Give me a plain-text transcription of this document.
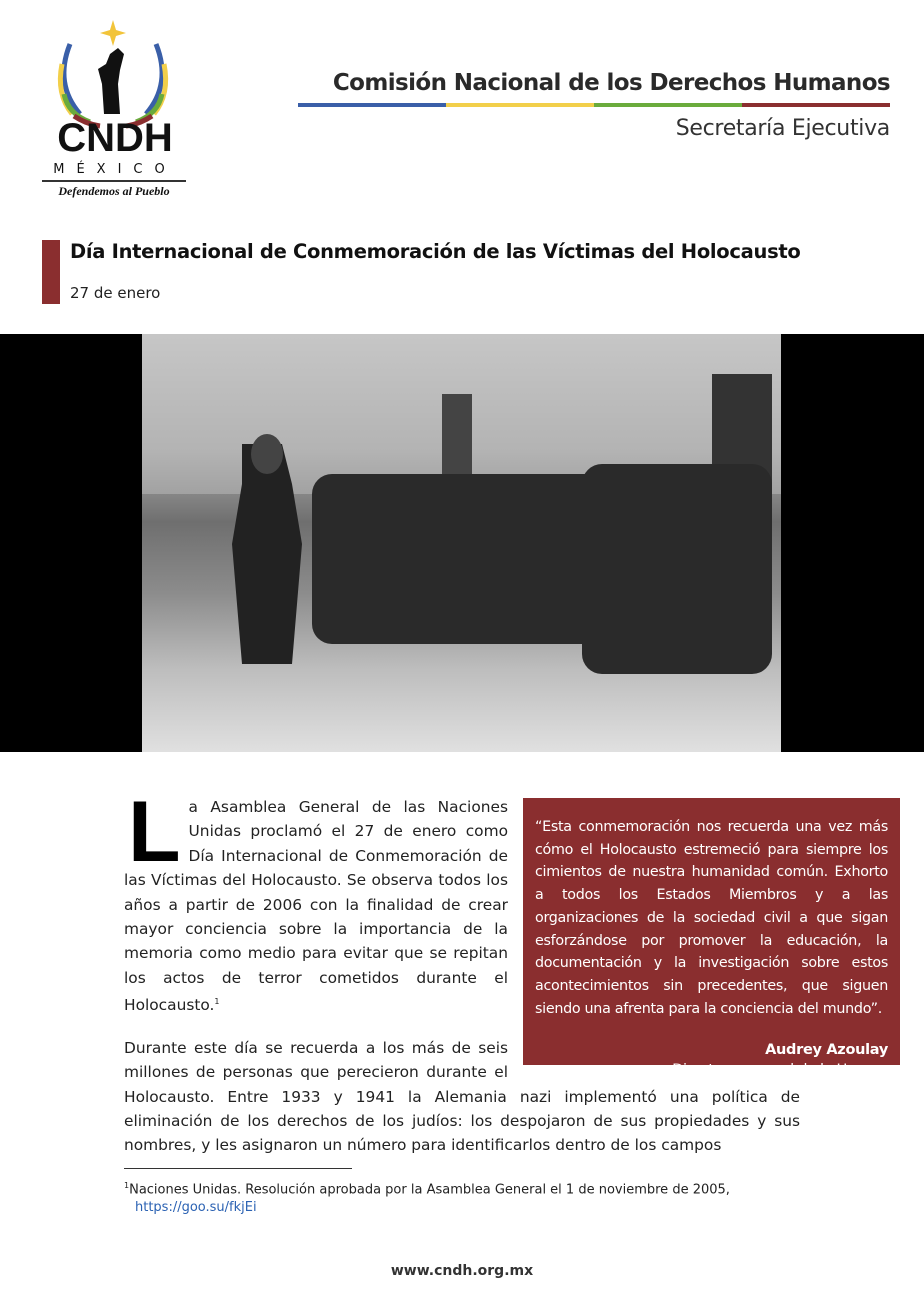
CNDH
MÉXICO
Defendemos al Pueblo
Comisión Nacional de los Derechos Humanos
Secretaría Ejecutiva
Día Internacional de Conmemoración de las Víctimas del Holocausto
27 de enero

La Asamblea General de las Naciones Unidas proclamó el 27 de enero como Día Internacional de Conmemoración de las Víctimas del Holocausto. Se observa todos los años a partir de 2006 con la finalidad de crear mayor conciencia sobre la importancia de la memoria como medio para evitar que se repitan los actos de terror cometidos durante el Holocausto.$^1$

Durante este día se recuerda a los más de seis millones de personas que perecieron durante el Holocausto. Entre 1933 y 1941 la Alemania nazi implementó una política de eliminación de los derechos de los judíos: los despojaron de sus propiedades y sus nombres, y les asignaron un número para identificarlos dentro de los campos

“Esta conmemoración nos recuerda una vez más cómo el Holocausto estremeció para siempre los cimientos de nuestra humanidad común. Exhorto a todos los Estados Miembros y a las organizaciones de la sociedad civil a que sigan esforzándose por promover la educación, la documentación y la investigación sobre estos acontecimientos sin precedentes, que siguen siendo una afrenta para la conciencia del mundo”.
Audrey Azoulay
Directora general de la Unesco
$^1$Naciones Unidas. Resolución aprobada por la Asamblea General el 1 de noviembre de 2005,
https://goo.su/fkjEi
www.cndh.org.mx
